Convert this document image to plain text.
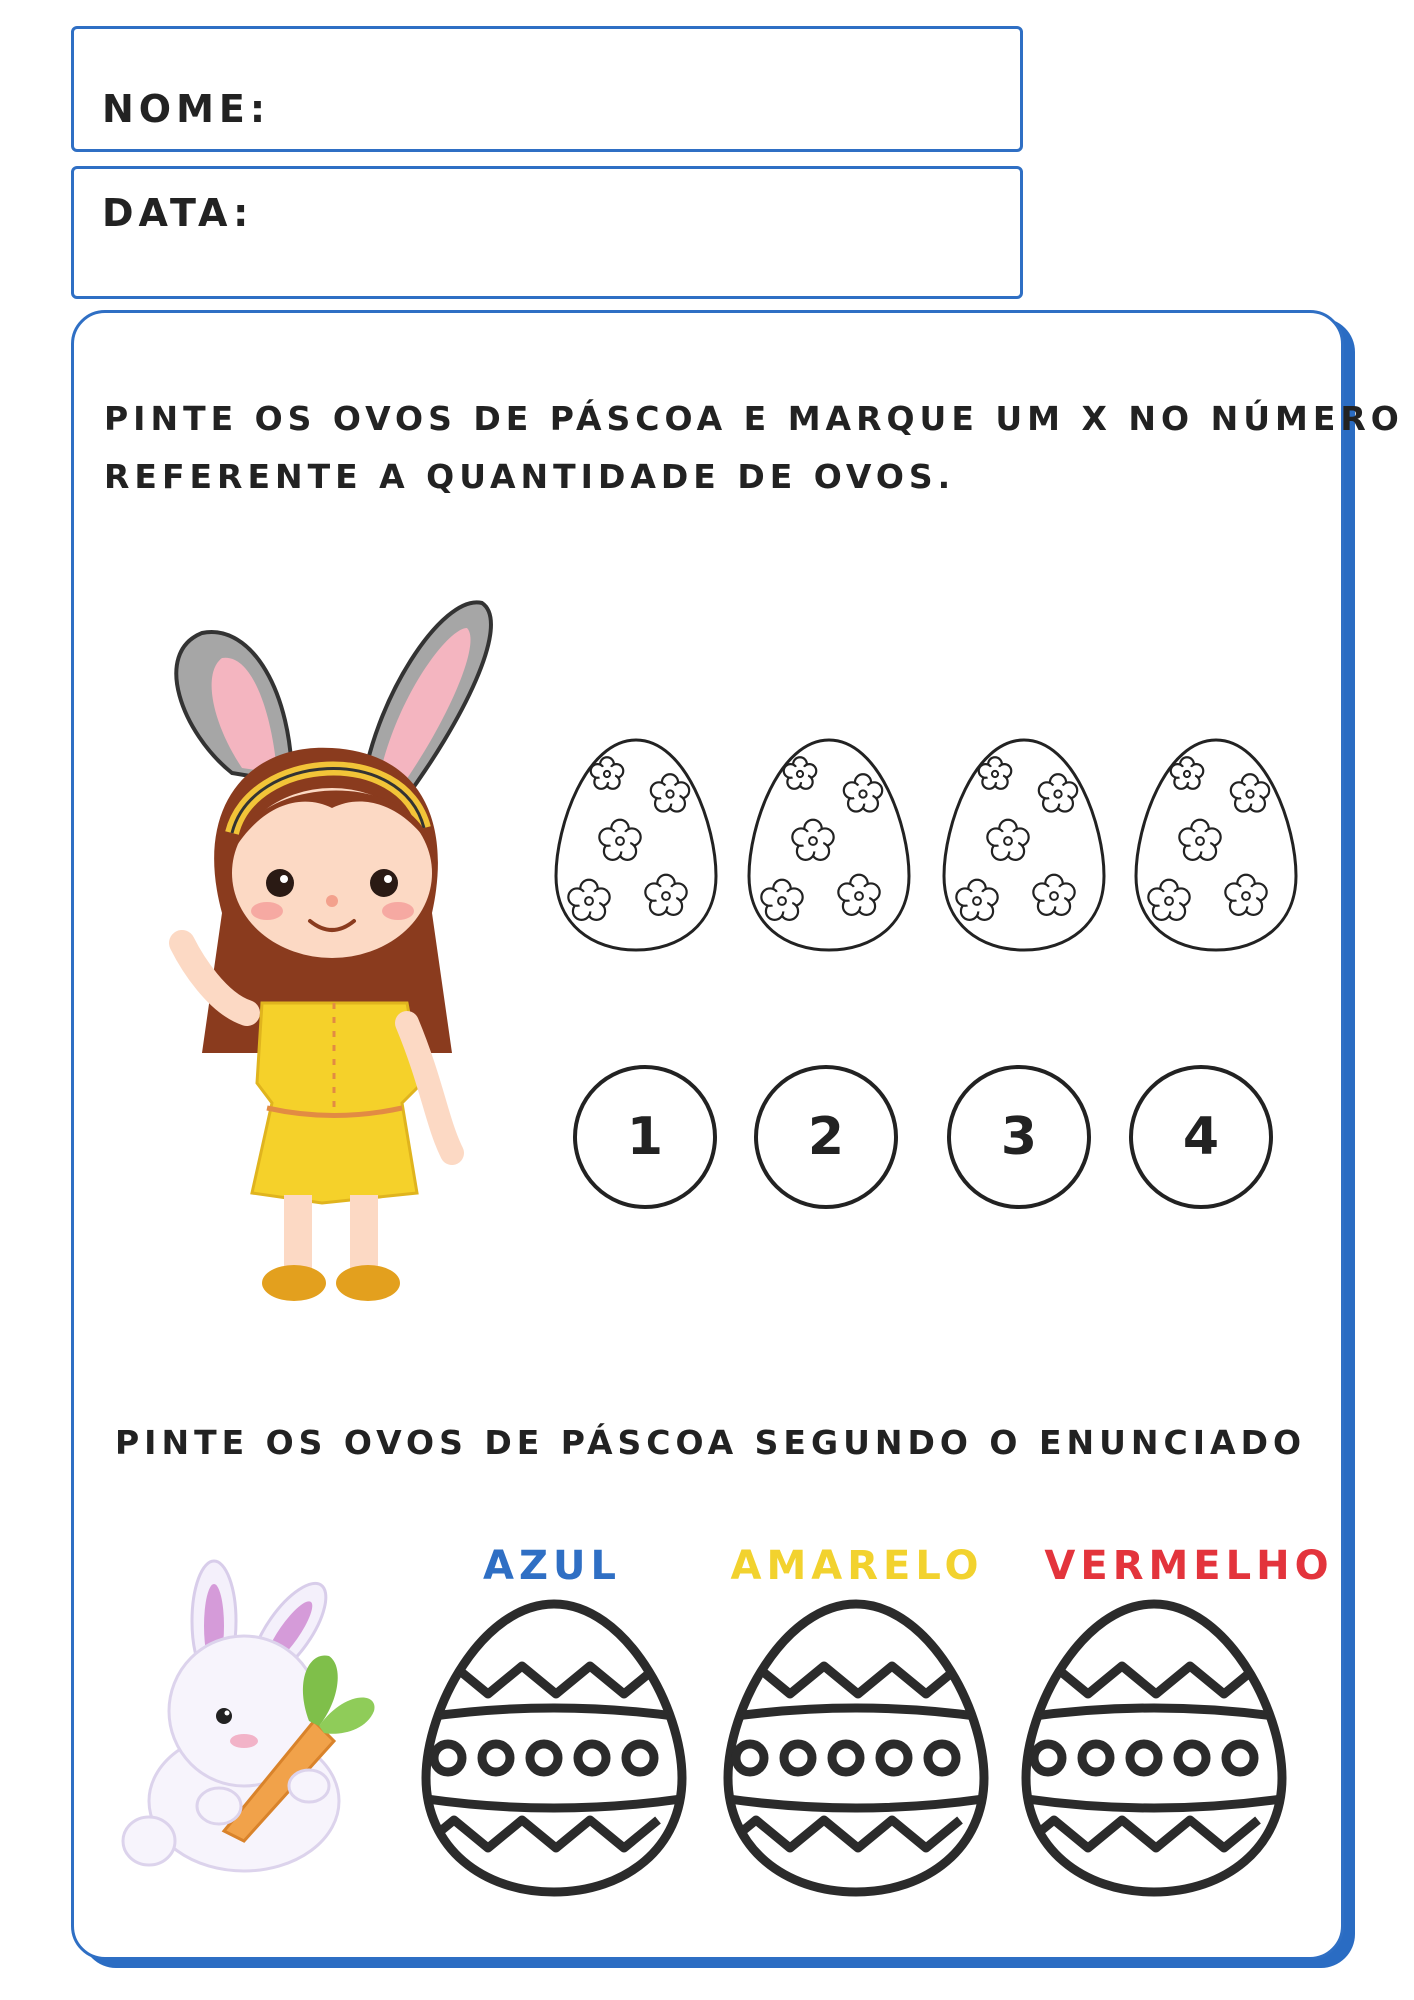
NOME:
DATA:
PINTE OS OVOS DE PÁSCOA E MARQUE UM X NO NÚMERO
REFERENTE A QUANTIDADE DE OVOS.
PINTE OS OVOS DE PÁSCOA SEGUNDO O ENUNCIADO
1	2	3	4
AZUL	AMARELO	VERMELHO
